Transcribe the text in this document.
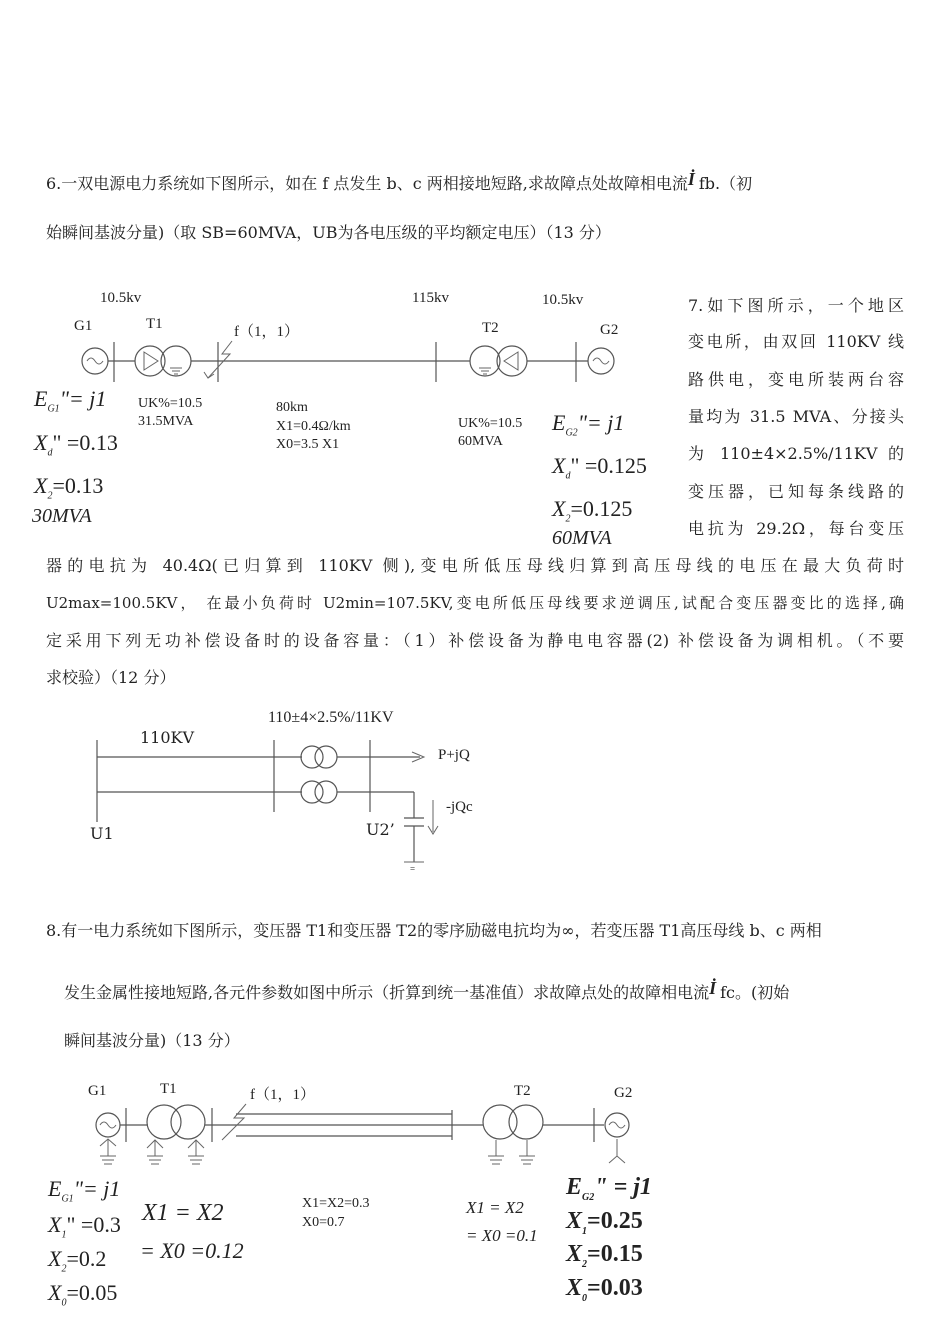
6.一双电源电力系统如下图所示，如在 f 点发生 b、c 两相接地短路,求故障点处故障相电流İ fb.（初
始瞬间基波分量)（取 SB=60MVA，UB为各电压级的平均额定电压）（13 分）
10.5kv	115kv	10.5kv
G1	T1	f（1，1）	T2	G2
UK%=10.5
31.5MVA
80km
X1=0.4Ω/km
X0=3.5 X1
UK%=10.5
60MVA
$E_{G1}"= j1$
$X_d$" =0.13
$X_2=0.13$
30MVA
$E_{G2}"= j1$
$X_d$" =0.125
$X_2=0.125$
60MVA
7.如下图所示，一个地区
变电所，由双回 110KV 线
路供电，变电所装两台容
量均为 31.5 MVA、分接头
为 110±4×2.5%/11KV 的
变压器，已知每条线路的
电抗为 29.2Ω，每台变压
器的电抗为 40.4Ω(已归算到 110KV 侧),变电所低压母线归算到高压母线的电压在最大负荷时
U2max=100.5KV， 在最小负荷时 U2min=107.5KV,变电所低压母线要求逆调压,试配合变压器变比的选择,确
定采用下列无功补偿设备时的设备容量：（1）补偿设备为静电电容器(2) 补偿设备为调相机。（不要
求校验）（12 分）
110±4×2.5%/11KV
110KV
P+jQ
-jQc
U1	U2’
=
8.有一电力系统如下图所示，变压器 T1和变压器 T2的零序励磁电抗均为∞，若变压器 T1高压母线 b、c 两相
发生金属性接地短路,各元件参数如图中所示（折算到统一基准值）求故障点处的故障相电流İ fc。(初始
瞬间基波分量)（13 分）
G1	T1	f（1，1）	T2	G2
X1=X2=0.3
X0=0.7
$E_{G1}"= j1$
$X_1$" =0.3
$X_2=0.2$
$X_0=0.05$
X1 = X2
= X0 =0.12
X1 = X2
= X0 =0.1
$E_{G2}$" = j1
$X_1=0.25$
$X_2=0.15$
$X_0=0.03$
